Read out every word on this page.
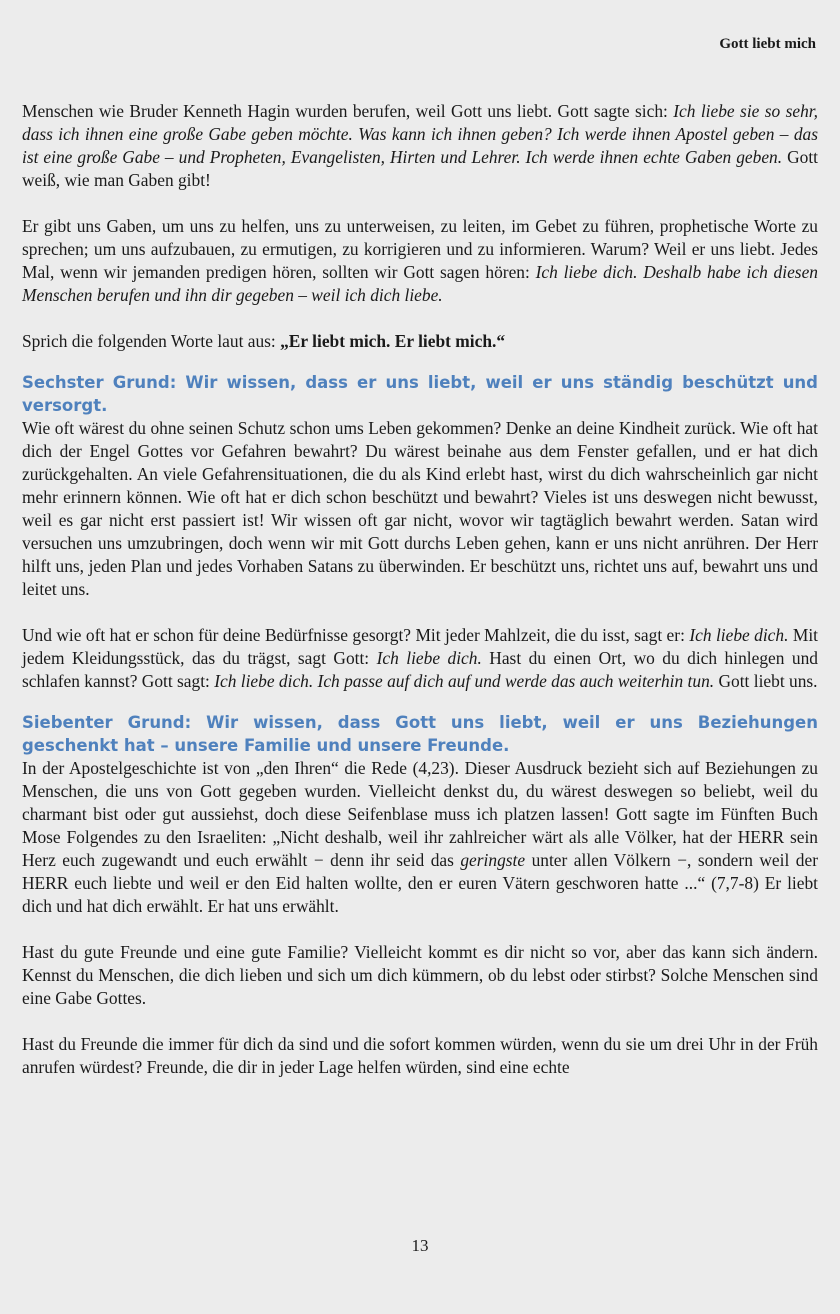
Gott liebt mich

Menschen wie Bruder Kenneth Hagin wurden berufen, weil Gott uns liebt. Gott sagte sich: Ich liebe sie so sehr, dass ich ihnen eine große Gabe geben möchte. Was kann ich ihnen geben? Ich werde ihnen Apostel geben – das ist eine große Gabe – und Propheten, Evangelisten, Hirten und Lehrer. Ich werde ihnen echte Gaben geben. Gott weiß, wie man Gaben gibt!

Er gibt uns Gaben, um uns zu helfen, uns zu unterweisen, zu leiten, im Gebet zu führen, prophetische Worte zu sprechen; um uns aufzubauen, zu ermutigen, zu korrigieren und zu informieren. Warum? Weil er uns liebt. Jedes Mal, wenn wir jemanden predigen hören, sollten wir Gott sagen hören: Ich liebe dich. Deshalb habe ich diesen Menschen berufen und ihn dir gegeben – weil ich dich liebe.

Sprich die folgenden Worte laut aus: „Er liebt mich. Er liebt mich.“

Sechster Grund: Wir wissen, dass er uns liebt, weil er uns ständig beschützt und versorgt.

Wie oft wärest du ohne seinen Schutz schon ums Leben gekommen? Denke an deine Kindheit zurück. Wie oft hat dich der Engel Gottes vor Gefahren bewahrt? Du wärest beinahe aus dem Fenster gefallen, und er hat dich zurückgehalten. An viele Gefahrensituationen, die du als Kind erlebt hast, wirst du dich wahrscheinlich gar nicht mehr erinnern können. Wie oft hat er dich schon beschützt und bewahrt? Vieles ist uns deswegen nicht bewusst, weil es gar nicht erst passiert ist! Wir wissen oft gar nicht, wovor wir tagtäglich bewahrt werden. Satan wird versuchen uns umzubringen, doch wenn wir mit Gott durchs Leben gehen, kann er uns nicht anrühren. Der Herr hilft uns, jeden Plan und jedes Vorhaben Satans zu überwinden. Er beschützt uns, richtet uns auf, bewahrt uns und leitet uns.

Und wie oft hat er schon für deine Bedürfnisse gesorgt? Mit jeder Mahlzeit, die du isst, sagt er: Ich liebe dich. Mit jedem Kleidungsstück, das du trägst, sagt Gott: Ich liebe dich. Hast du einen Ort, wo du dich hinlegen und schlafen kannst? Gott sagt: Ich liebe dich. Ich passe auf dich auf und werde das auch weiterhin tun. Gott liebt uns.

Siebenter Grund: Wir wissen, dass Gott uns liebt, weil er uns Beziehungen geschenkt hat – unsere Familie und unsere Freunde.

In der Apostelgeschichte ist von „den Ihren“ die Rede (4,23). Dieser Ausdruck bezieht sich auf Beziehungen zu Menschen, die uns von Gott gegeben wurden. Vielleicht denkst du, du wärest deswegen so beliebt, weil du charmant bist oder gut aussiehst, doch diese Seifenblase muss ich platzen lassen! Gott sagte im Fünften Buch Mose Folgendes zu den Israeliten: „Nicht deshalb, weil ihr zahlreicher wärt als alle Völker, hat der HERR sein Herz euch zugewandt und euch erwählt − denn ihr seid das geringste unter allen Völkern −, sondern weil der HERR euch liebte und weil er den Eid halten wollte, den er euren Vätern geschworen hatte ...“ (7,7-8) Er liebt dich und hat dich erwählt. Er hat uns erwählt.

Hast du gute Freunde und eine gute Familie? Vielleicht kommt es dir nicht so vor, aber das kann sich ändern. Kennst du Menschen, die dich lieben und sich um dich kümmern, ob du lebst oder stirbst? Solche Menschen sind eine Gabe Gottes.

Hast du Freunde die immer für dich da sind und die sofort kommen würden, wenn du sie um drei Uhr in der Früh anrufen würdest? Freunde, die dir in jeder Lage helfen würden, sind eine echte

13
